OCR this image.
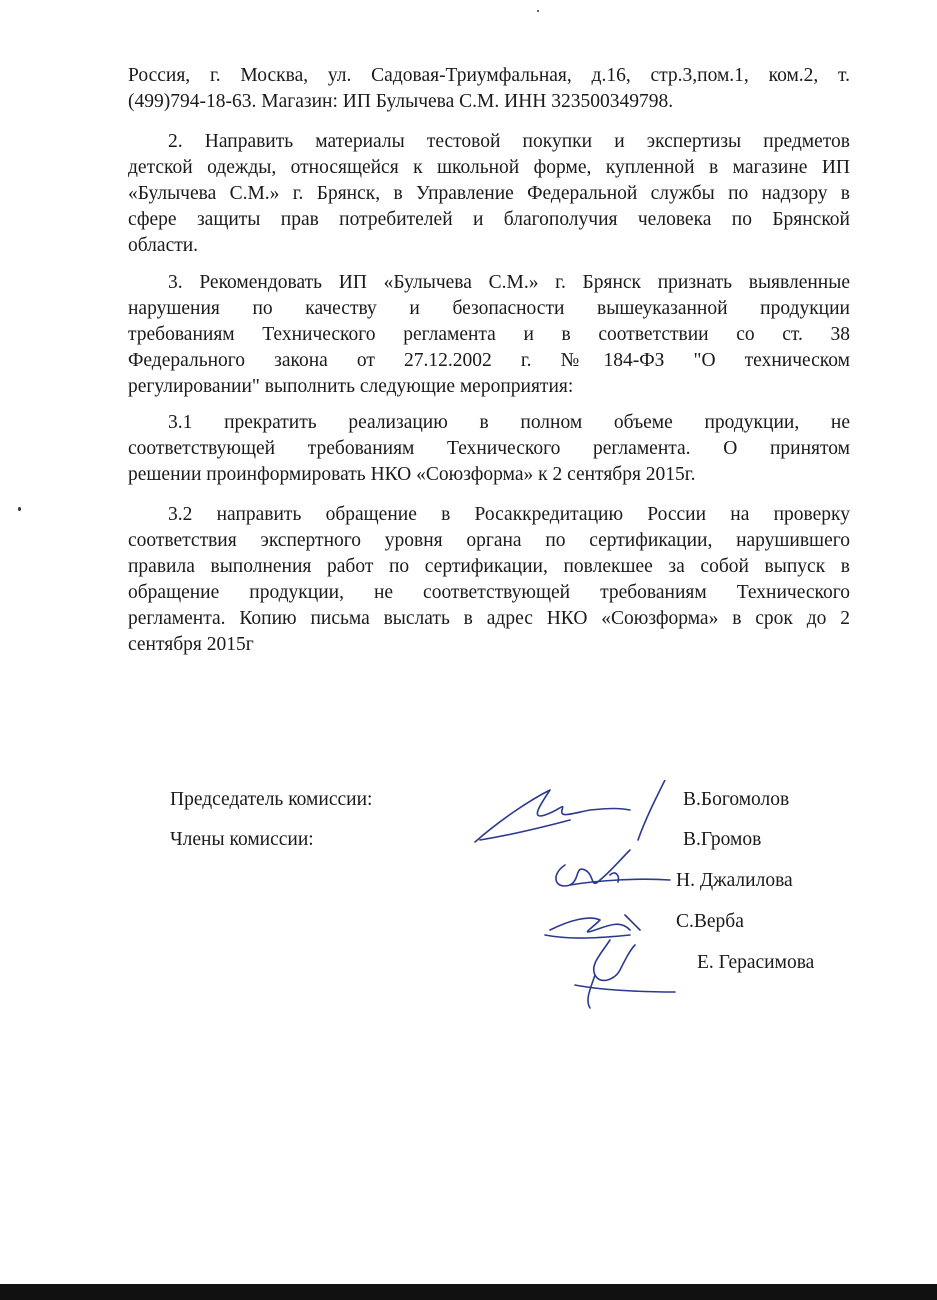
Россия, г. Москва, ул. Садовая-Триумфальная, д.16, стр.3,пом.1, ком.2, т.
(499)794-18-63. Магазин: ИП Булычева С.М. ИНН 323500349798.
2. Направить материалы тестовой покупки и экспертизы предметов
детской одежды, относящейся к школьной форме, купленной в магазине ИП
«Булычева С.М.» г. Брянск, в Управление Федеральной службы по надзору в
сфере защиты прав потребителей и благополучия человека по Брянской
области.
3. Рекомендовать ИП «Булычева С.М.» г. Брянск признать выявленные
нарушения по качеству и безопасности вышеуказанной продукции
требованиям Технического регламента и в соответствии со ст. 38
Федерального закона от 27.12.2002 г. №184-ФЗ "О техническом
регулировании" выполнить следующие мероприятия:
3.1 прекратить реализацию в полном объеме продукции, не
соответствующей требованиям Технического регламента. О принятом
решении проинформировать НКО «Союзформа» к 2 сентября 2015г.
3.2 направить обращение в Росаккредитацию России на проверку
соответствия экспертного уровня органа по сертификации, нарушившего
правила выполнения работ по сертификации, повлекшее за собой выпуск в
обращение продукции, не соответствующей требованиям Технического
регламента. Копию письма выслать в адрес НКО «Союзформа» в срок до 2
сентября 2015г
Председатель комиссии:
Члены комиссии:
В.Богомолов
В.Громов
Н. Джалилова
С.Верба
Е. Герасимова
